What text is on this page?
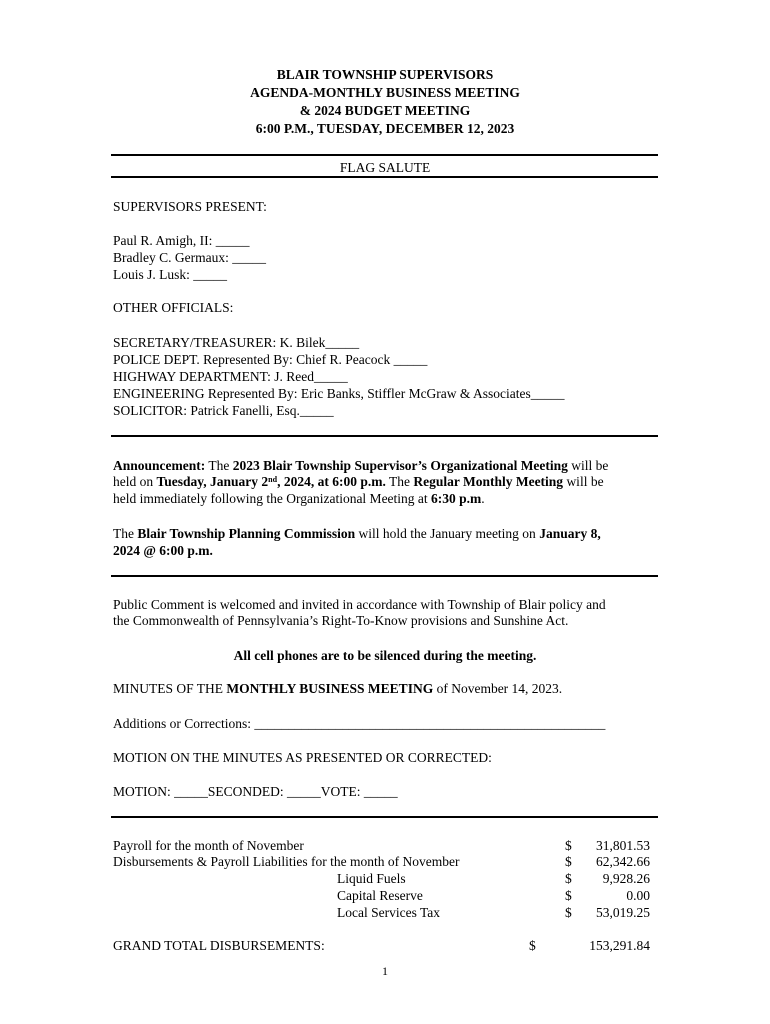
BLAIR TOWNSHIP SUPERVISORS
AGENDA-MONTHLY BUSINESS MEETING
& 2024 BUDGET MEETING
6:00 P.M., TUESDAY, DECEMBER 12, 2023
FLAG SALUTE
SUPERVISORS PRESENT:
Paul R. Amigh, II: _____
Bradley C. Germaux: _____
Louis J. Lusk: _____
OTHER OFFICIALS:
SECRETARY/TREASURER: K. Bilek_____
POLICE DEPT. Represented By: Chief R. Peacock _____
HIGHWAY DEPARTMENT: J. Reed_____
ENGINEERING Represented By: Eric Banks, Stiffler McGraw & Associates_____
SOLICITOR: Patrick Fanelli, Esq._____
Announcement: The 2023 Blair Township Supervisor’s Organizational Meeting will be
held on Tuesday, January 2nd, 2024, at 6:00 p.m. The Regular Monthly Meeting will be
held immediately following the Organizational Meeting at 6:30 p.m.
The Blair Township Planning Commission will hold the January meeting on January 8,
2024 @ 6:00 p.m.
Public Comment is welcomed and invited in accordance with Township of Blair policy and
the Commonwealth of Pennsylvania’s Right-To-Know provisions and Sunshine Act.
All cell phones are to be silenced during the meeting.
MINUTES OF THE MONTHLY BUSINESS MEETING of November 14, 2023.
Additions or Corrections: ____________________________________________________
MOTION ON THE MINUTES AS PRESENTED OR CORRECTED:
MOTION: _____SECONDED: _____VOTE: _____
Payroll for the month of November	$ 31,801.53
Disbursements & Payroll Liabilities for the month of November	$ 62,342.66
Liquid Fuels	$ 9,928.26
Capital Reserve	$	0.00
Local Services Tax	$ 53,019.25
GRAND TOTAL DISBURSEMENTS:	$	153,291.84
1
